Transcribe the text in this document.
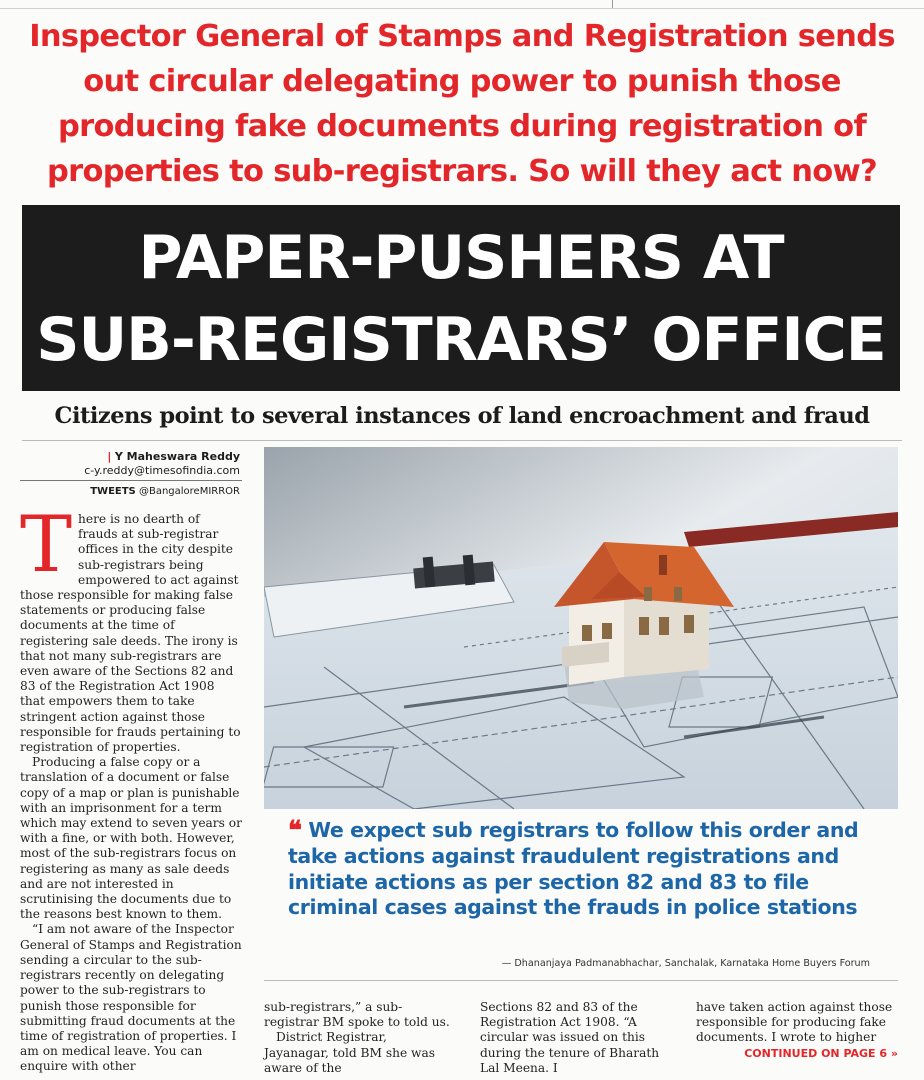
Inspector General of Stamps and Registration sends
out circular delegating power to punish those
producing fake documents during registration of
properties to sub-registrars. So will they act now?
PAPER-PUSHERS AT
SUB-REGISTRARS’ OFFICE
Citizens point to several instances of land encroachment and fraud
| Y Maheswara Reddy
c-y.reddy@timesofindia.com
TWEETS @BangaloreMIRROR

There is no dearth of frauds at sub-registrar offices in the city despite sub-registrars being empowered to act against those responsible for making false statements or producing false documents at the time of registering sale deeds. The irony is that not many sub-registrars are even aware of the Sections 82 and 83 of the Registration Act 1908 that empowers them to take stringent action against those responsible for frauds pertaining to registration of properties.

Producing a false copy or a translation of a document or false copy of a map or plan is punishable with an imprisonment for a term which may extend to seven years or with a fine, or with both. However, most of the sub-registrars focus on registering as many as sale deeds and are not interested in scrutinising the documents due to the reasons best known to them.

“I am not aware of the Inspector General of Stamps and Registration sending a circular to the sub-registrars recently on delegating power to the sub-registrars to punish those responsible for submitting fraud documents at the time of registration of properties. I am on medical leave. You can enquire with other

❝ We expect sub registrars to follow this order and take actions against fraudulent registrations and initiate actions as per section 82 and 83 to file criminal cases against the frauds in police stations
— Dhananjaya Padmanabhachar, Sanchalak, Karnataka Home Buyers Forum

sub-registrars,” a sub-registrar BM spoke to told us.

District Registrar, Jayanagar, told BM she was aware of the

Sections 82 and 83 of the Registration Act 1908. “A circular was issued on this during the tenure of Bharath Lal Meena. I

have taken action against those responsible for producing fake documents. I wrote to higher

CONTINUED ON PAGE 6 »
